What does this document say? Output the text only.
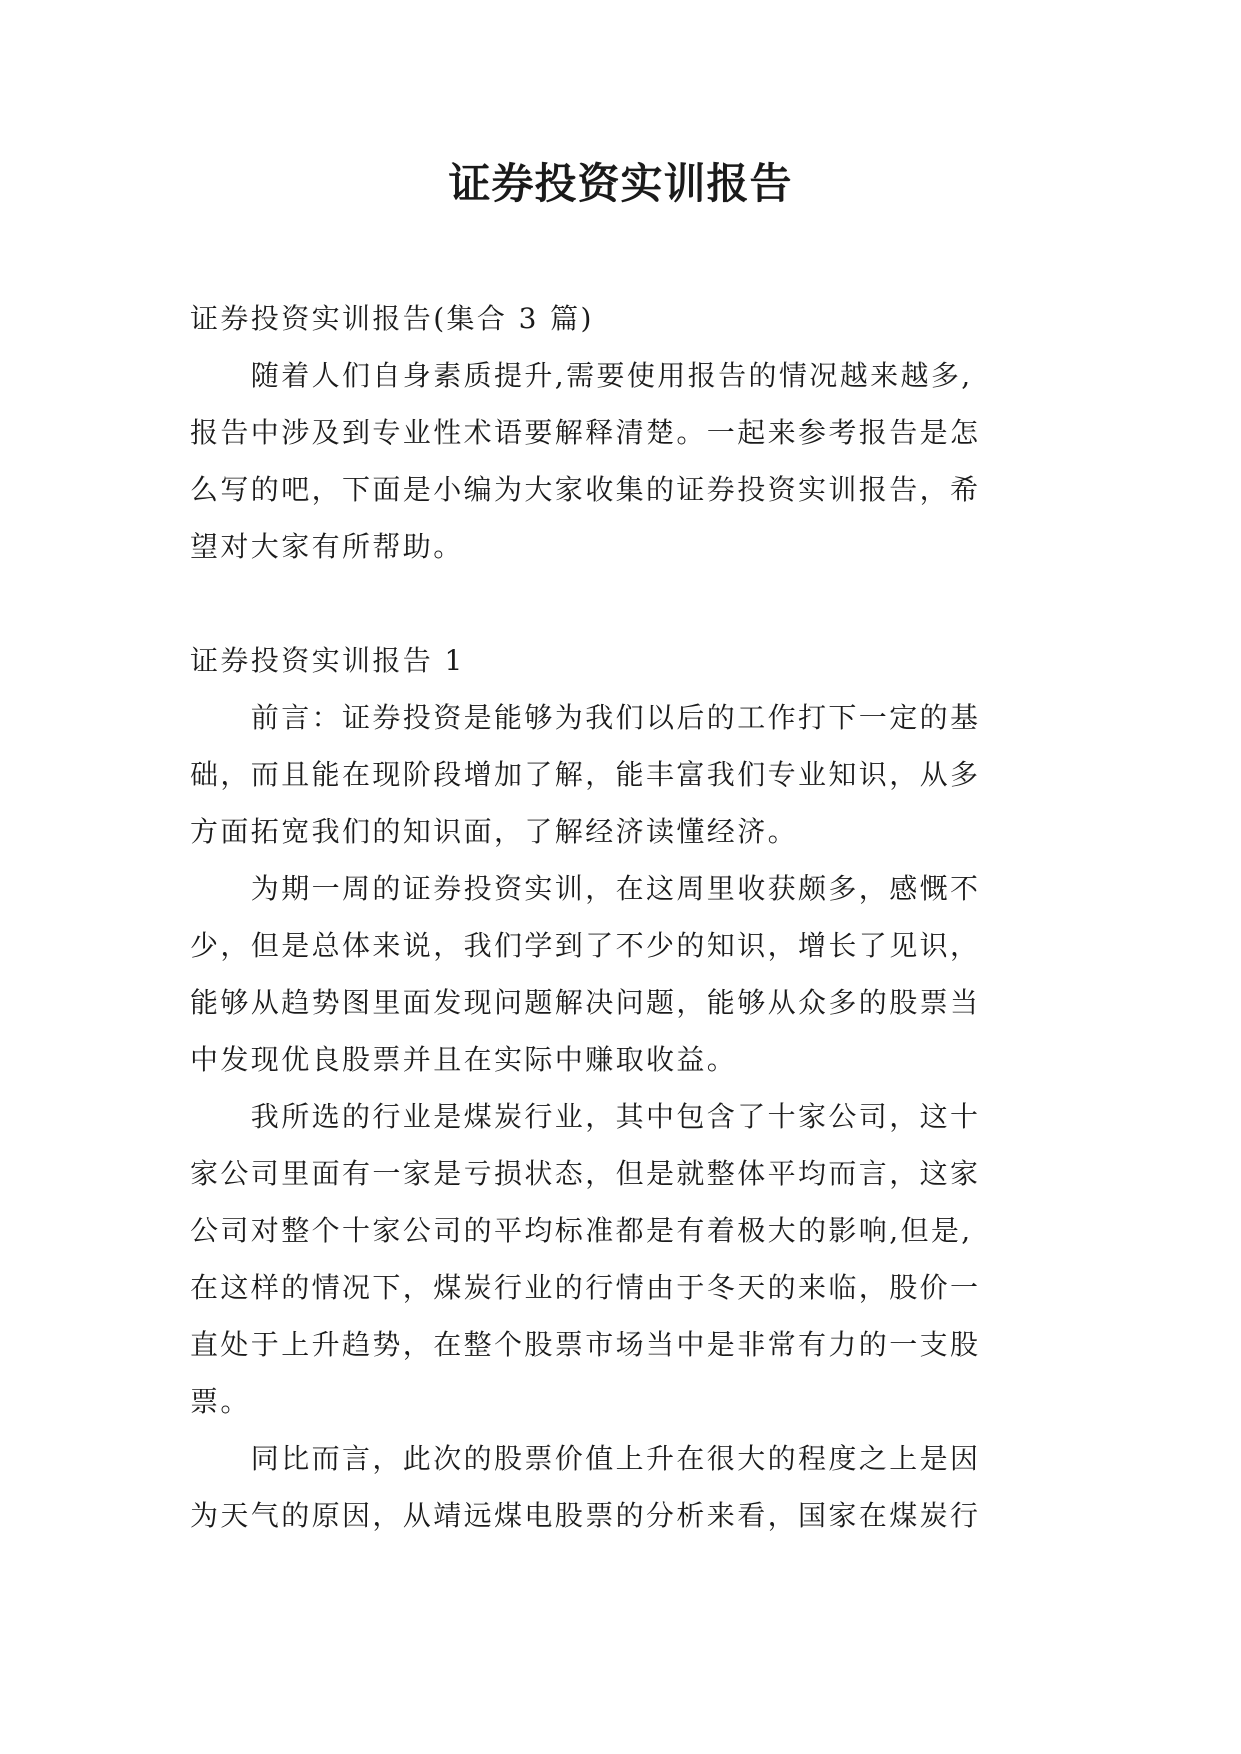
证券投资实训报告

证券投资实训报告(集合 3 篇)

　　随着人们自身素质提升,需要使用报告的情况越来越多,

报告中涉及到专业性术语要解释清楚。一起来参考报告是怎

么写的吧，下面是小编为大家收集的证券投资实训报告，希

望对大家有所帮助。

证券投资实训报告 1

　　前言：证券投资是能够为我们以后的工作打下一定的基

础，而且能在现阶段增加了解，能丰富我们专业知识，从多

方面拓宽我们的知识面，了解经济读懂经济。

　　为期一周的证券投资实训，在这周里收获颇多，感慨不

少，但是总体来说，我们学到了不少的知识，增长了见识，

能够从趋势图里面发现问题解决问题，能够从众多的股票当

中发现优良股票并且在实际中赚取收益。

　　我所选的行业是煤炭行业，其中包含了十家公司，这十

家公司里面有一家是亏损状态，但是就整体平均而言，这家

公司对整个十家公司的平均标准都是有着极大的影响,但是,

在这样的情况下，煤炭行业的行情由于冬天的来临，股价一

直处于上升趋势，在整个股票市场当中是非常有力的一支股

票。

　　同比而言，此次的股票价值上升在很大的程度之上是因

为天气的原因，从靖远煤电股票的分析来看，国家在煤炭行
